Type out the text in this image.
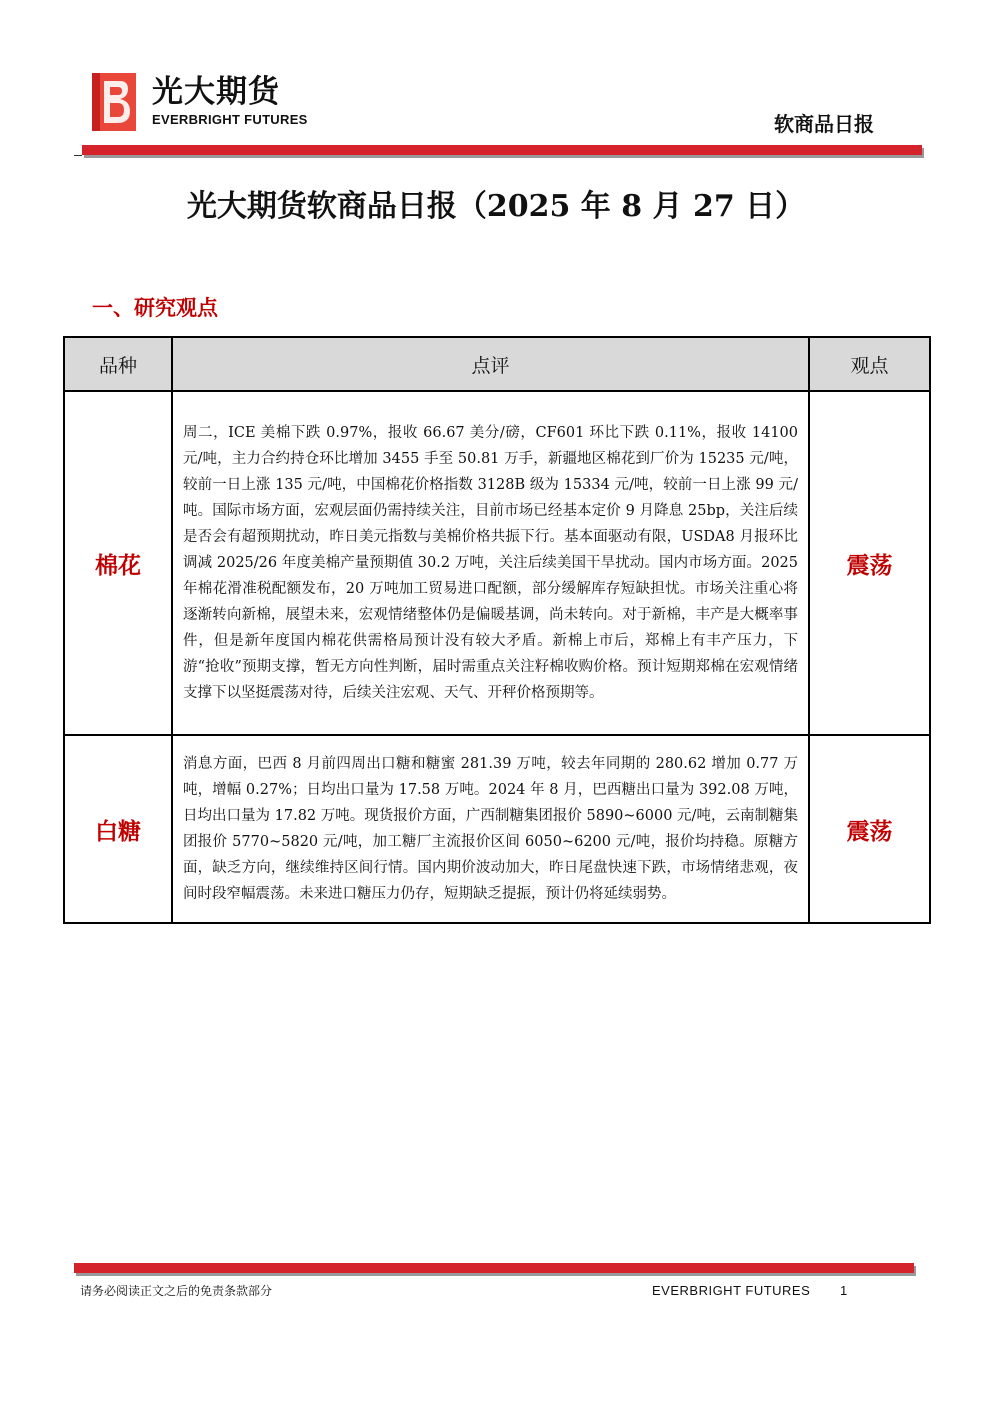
光大期货
EVERBRIGHT FUTURES	软商品日报
光大期货软商品日报（2025 年 8 月 27 日）
一、研究观点
品种	点评	观点
棉花	周二，ICE 美棉下跌 0.97%，报收 66.67 美分/磅，CF601 环比下跌 0.11%，报收 14100 元/吨，主力合约持仓环比增加 3455 手至 50.81 万手，新疆地区棉花到厂价为 15235 元/吨，较前一日上涨 135 元/吨，中国棉花价格指数 3128B 级为 15334 元/吨，较前一日上涨 99 元/吨。国际市场方面，宏观层面仍需持续关注，目前市场已经基本定价 9 月降息 25bp，关注后续是否会有超预期扰动，昨日美元指数与美棉价格共振下行。基本面驱动有限，USDA8 月报环比调减 2025/26 年度美棉产量预期值 30.2 万吨，关注后续美国干旱扰动。国内市场方面。2025 年棉花滑准税配额发布，20 万吨加工贸易进口配额，部分缓解库存短缺担忧。市场关注重心将逐渐转向新棉，展望未来，宏观情绪整体仍是偏暖基调，尚未转向。对于新棉，丰产是大概率事件，但是新年度国内棉花供需格局预计没有较大矛盾。新棉上市后，郑棉上有丰产压力，下游“抢收”预期支撑，暂无方向性判断，届时需重点关注籽棉收购价格。预计短期郑棉在宏观情绪支撑下以坚挺震荡对待，后续关注宏观、天气、开秤价格预期等。	震荡
白糖	消息方面，巴西 8 月前四周出口糖和糖蜜 281.39 万吨，较去年同期的 280.62 增加 0.77 万吨，增幅 0.27%；日均出口量为 17.58 万吨。2024 年 8 月，巴西糖出口量为 392.08 万吨，日均出口量为 17.82 万吨。现货报价方面，广西制糖集团报价 5890~6000 元/吨，云南制糖集团报价 5770~5820 元/吨，加工糖厂主流报价区间 6050~6200 元/吨，报价均持稳。原糖方面，缺乏方向，继续维持区间行情。国内期价波动加大，昨日尾盘快速下跌，市场情绪悲观，夜间时段窄幅震荡。未来进口糖压力仍存，短期缺乏提振，预计仍将延续弱势。	震荡
请务必阅读正文之后的免责条款部分	EVERBRIGHT FUTURES 1
